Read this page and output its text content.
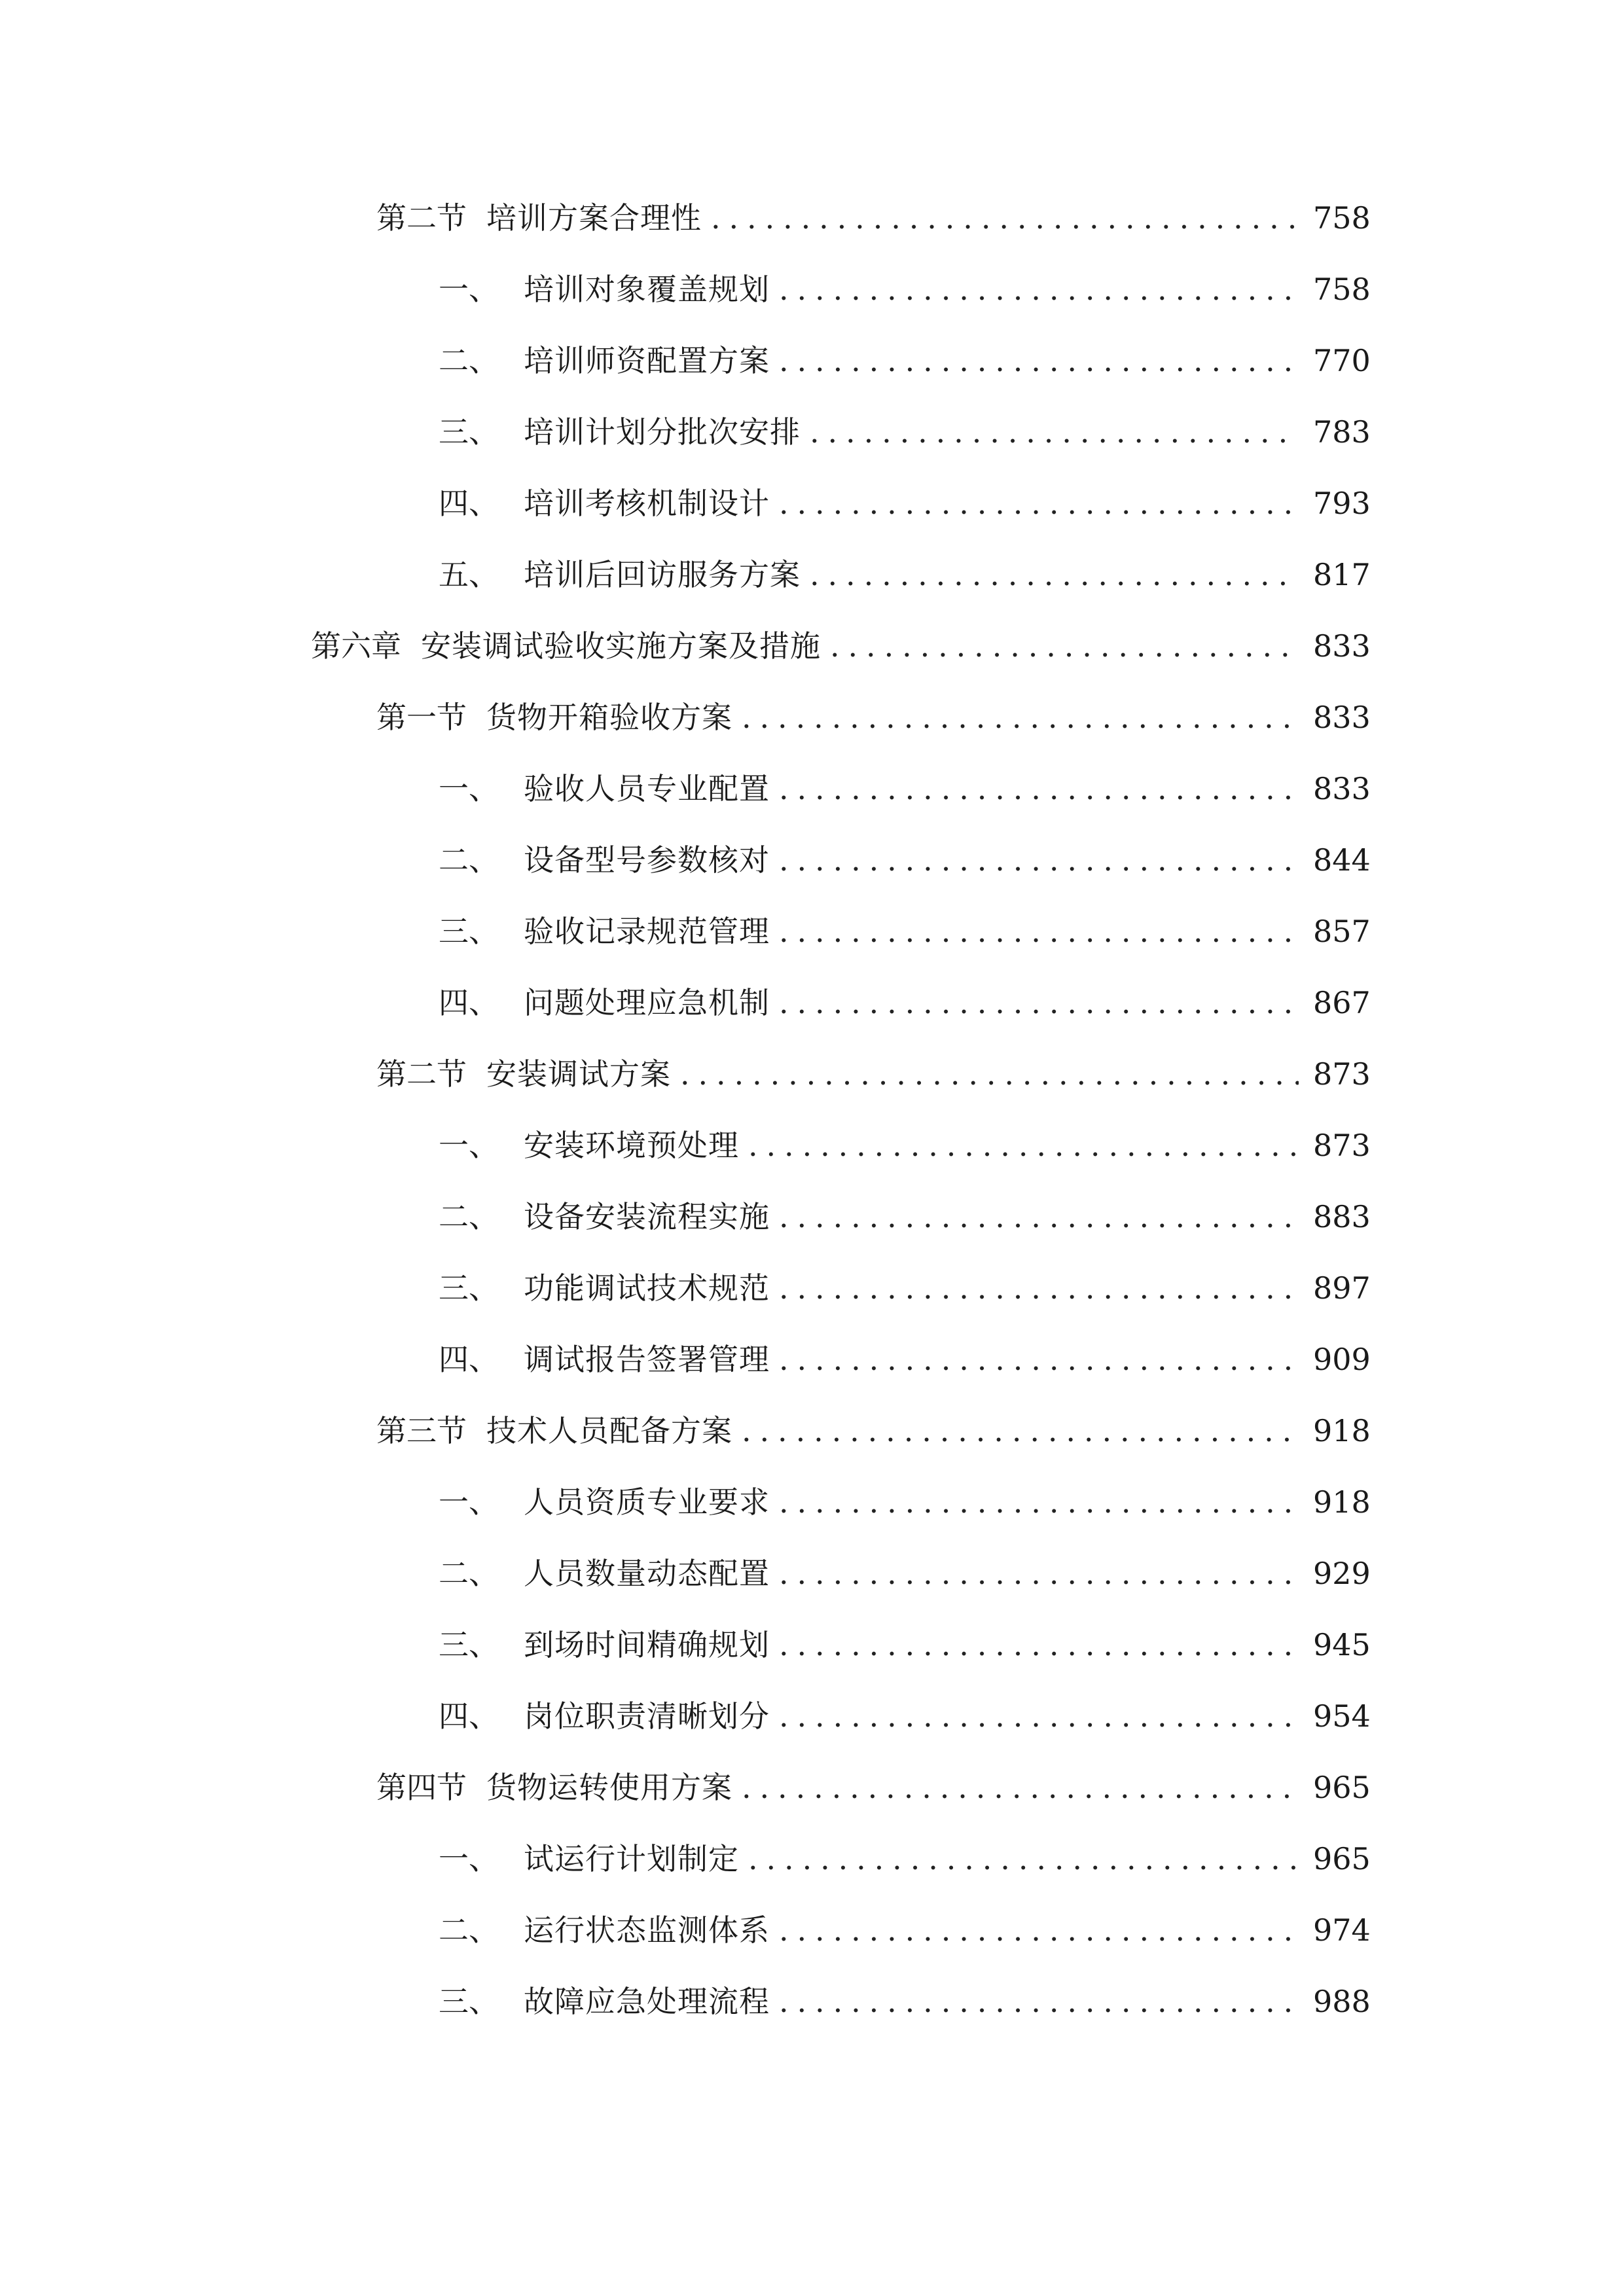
第二节 培训方案合理性 .....	758
一、 培训对象覆盖规划 .....	758
二、 培训师资配置方案 .....	770
三、 培训计划分批次安排 .....	783
四、 培训考核机制设计 .....	793
五、 培训后回访服务方案 .....	817
第六章 安装调试验收实施方案及措施 .....	833
第一节 货物开箱验收方案 .....	833
一、 验收人员专业配置 .....	833
二、 设备型号参数核对 .....	844
三、 验收记录规范管理 .....	857
四、 问题处理应急机制 .....	867
第二节 安装调试方案 .....	873
一、 安装环境预处理 .....	873
二、 设备安装流程实施 .....	883
三、 功能调试技术规范 .....	897
四、 调试报告签署管理 .....	909
第三节 技术人员配备方案 .....	918
一、 人员资质专业要求 .....	918
二、 人员数量动态配置 .....	929
三、 到场时间精确规划 .....	945
四、 岗位职责清晰划分 .....	954
第四节 货物运转使用方案 .....	965
一、 试运行计划制定 .....	965
二、 运行状态监测体系 .....	974
三、 故障应急处理流程 .....	988
